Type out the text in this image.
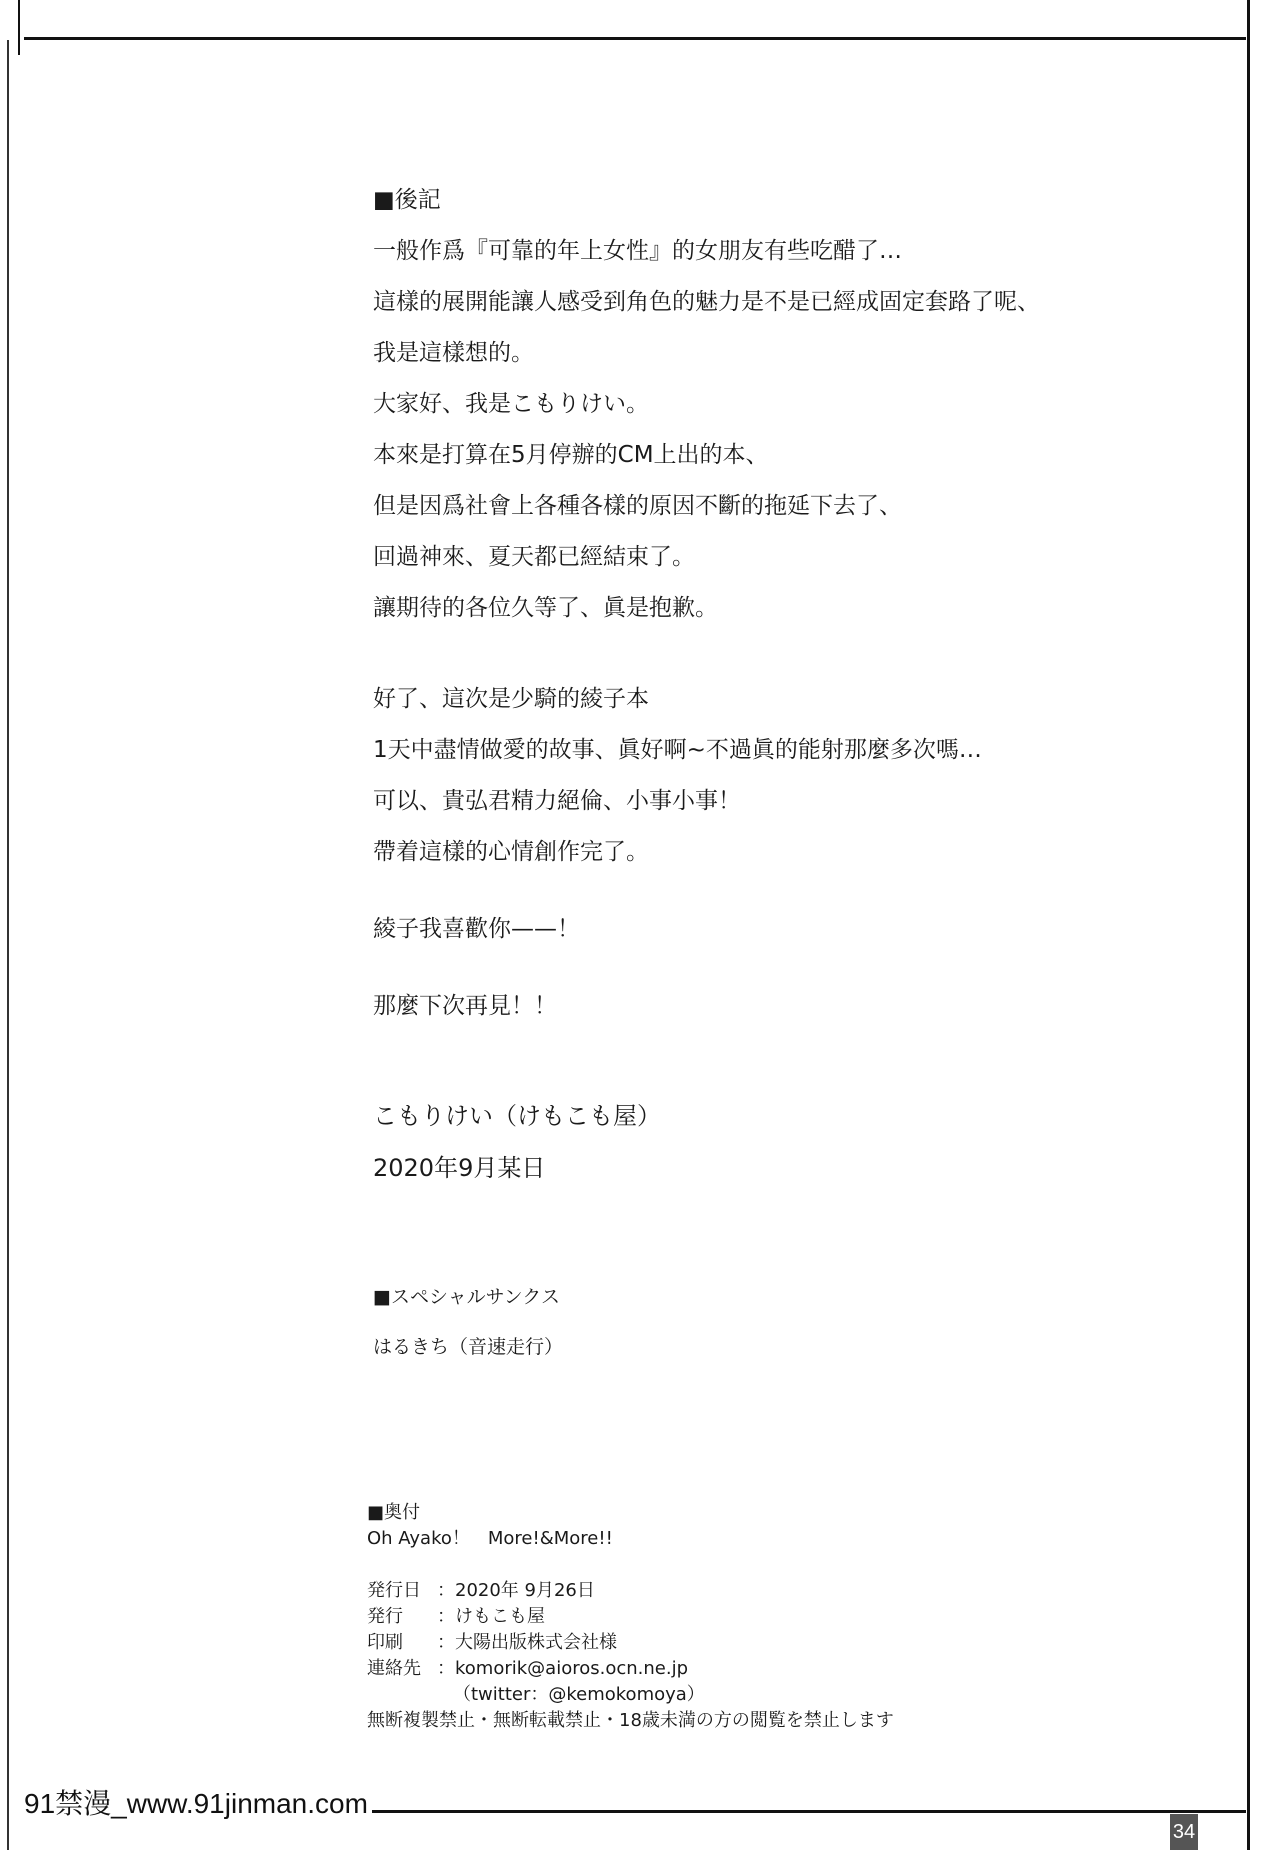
■後記
一般作爲『可靠的年上女性』的女朋友有些吃醋了…
這樣的展開能讓人感受到角色的魅力是不是已經成固定套路了呢、
我是這樣想的。
大家好、我是こもりけい。
本來是打算在5月停辦的CM上出的本、
但是因爲社會上各種各樣的原因不斷的拖延下去了、
回過神來、夏天都已經結束了。
讓期待的各位久等了、眞是抱歉。
好了、這次是少騎的綾子本
1天中盡情做愛的故事、眞好啊~不過眞的能射那麼多次嗎…
可以、貴弘君精力絕倫、小事小事！
帶着這樣的心情創作完了。
綾子我喜歡你——！
那麼下次再見！！
こもりけい（けもこも屋）
2020年9月某日
■スペシャルサンクス
はるきち（音速走行）
■奥付
Oh Ayako！　More!&More!!
発行日 ：2020年 9月26日
発行	：けもこも屋
印刷	：大陽出版株式会社様
連絡先 ：komorik@aioros.ocn.ne.jp
（twitter：@kemokomoya）
無断複製禁止・無断転載禁止・18歳未満の方の閲覧を禁止します
91禁漫_www.91jinman.com
34
